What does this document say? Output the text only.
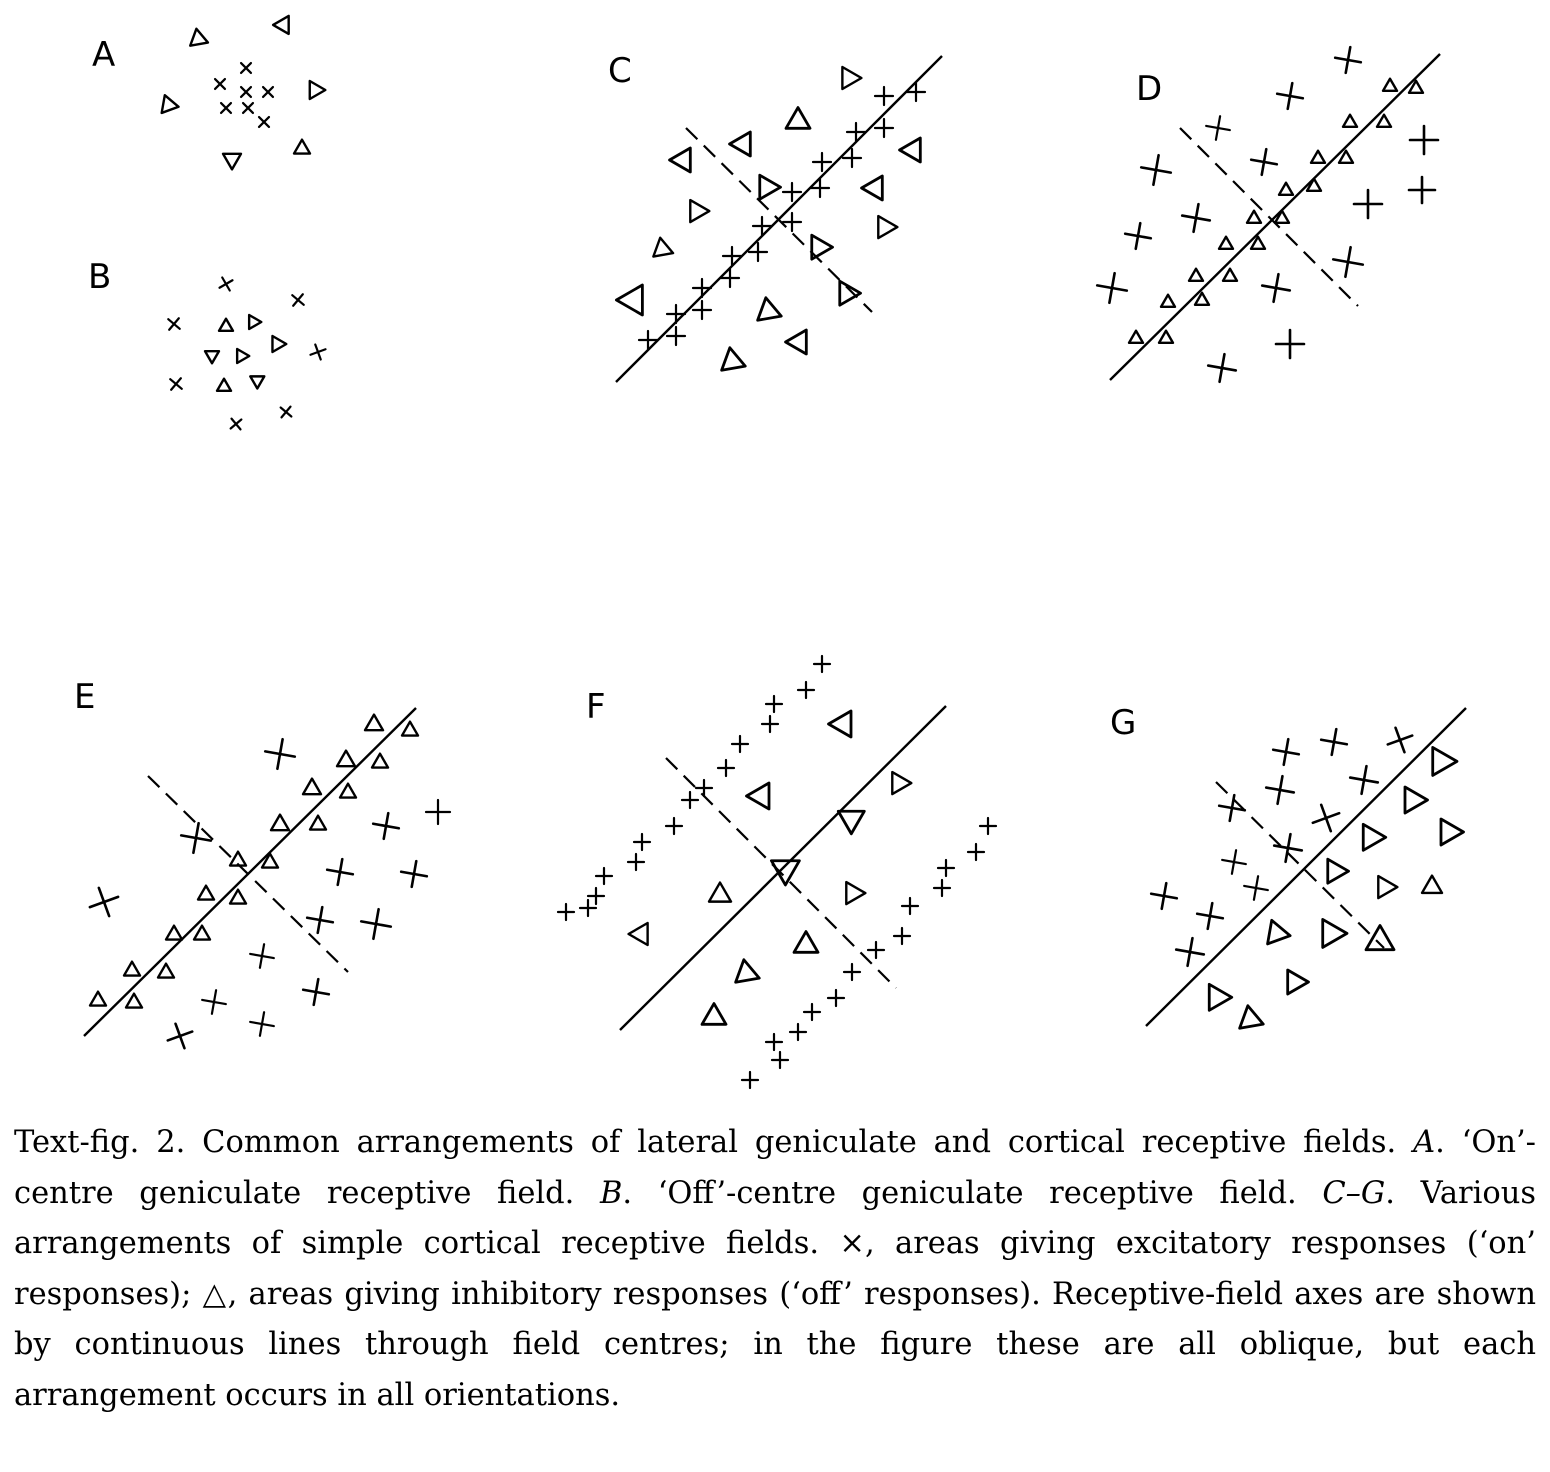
A
B
C	D
E	F	G

Text-fig. 2. Common arrangements of lateral geniculate and cortical receptive fields. A. ‘On’-centre geniculate receptive field. B. ‘Off’-centre geniculate receptive field. C–G. Various arrangements of simple cortical receptive fields. ×, areas giving excitatory responses (‘on’ responses); △, areas giving inhibitory responses (‘off’ responses). Receptive-field axes are shown by continuous lines through field centres; in the figure these are all oblique, but each arrangement occurs in all orientations.
